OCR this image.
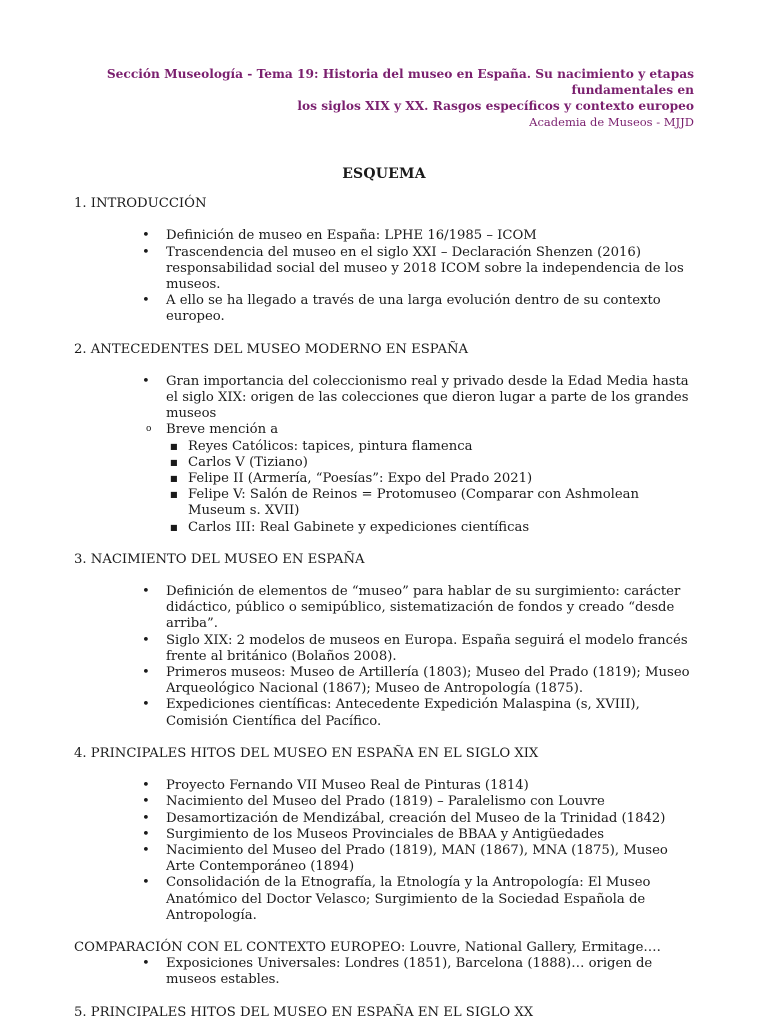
Sección Museología - Tema 19: Historia del museo en España. Su nacimiento y etapas fundamentales en
los siglos XIX y XX. Rasgos específicos y contexto europeo
Academia de Museos - MJJD
ESQUEMA
1. INTRODUCCIÓN
• Definición de museo en España: LPHE 16/1985 – ICOM
• Trascendencia del museo en el siglo XXI – Declaración Shenzen (2016) responsabilidad social del museo y 2018 ICOM sobre la independencia de los museos.
• A ello se ha llegado a través de una larga evolución dentro de su contexto europeo.
2. ANTECEDENTES DEL MUSEO MODERNO EN ESPAÑA
• Gran importancia del coleccionismo real y privado desde la Edad Media hasta el siglo XIX: origen de las colecciones que dieron lugar a parte de los grandes museos
o Breve mención a
■ Reyes Católicos: tapices, pintura flamenca
■ Carlos V (Tiziano)
■ Felipe II (Armería, “Poesías”: Expo del Prado 2021)
■ Felipe V: Salón de Reinos = Protomuseo (Comparar con Ashmolean Museum s. XVII)
■ Carlos III: Real Gabinete y expediciones científicas
3. NACIMIENTO DEL MUSEO EN ESPAÑA
• Definición de elementos de “museo” para hablar de su surgimiento: carácter didáctico, público o semipúblico, sistematización de fondos y creado “desde arriba”.
• Siglo XIX: 2 modelos de museos en Europa. España seguirá el modelo francés frente al británico (Bolaños 2008).
• Primeros museos: Museo de Artillería (1803); Museo del Prado (1819); Museo Arqueológico Nacional (1867); Museo de Antropología (1875).
• Expediciones científicas: Antecedente Expedición Malaspina (s, XVIII), Comisión Científica del Pacífico.
4. PRINCIPALES HITOS DEL MUSEO EN ESPAÑA EN EL SIGLO XIX
• Proyecto Fernando VII Museo Real de Pinturas (1814)
• Nacimiento del Museo del Prado (1819) – Paralelismo con Louvre
• Desamortización de Mendizábal, creación del Museo de la Trinidad (1842)
• Surgimiento de los Museos Provinciales de BBAA y Antigüedades
• Nacimiento del Museo del Prado (1819), MAN (1867), MNA (1875), Museo Arte Contemporáneo (1894)
• Consolidación de la Etnografía, la Etnología y la Antropología: El Museo Anatómico del Doctor Velasco; Surgimiento de la Sociedad Española de Antropología.
COMPARACIÓN CON EL CONTEXTO EUROPEO: Louvre, National Gallery, Ermitage….
• Exposiciones Universales: Londres (1851), Barcelona (1888)… origen de museos estables.
5. PRINCIPALES HITOS DEL MUSEO EN ESPAÑA EN EL SIGLO XX
